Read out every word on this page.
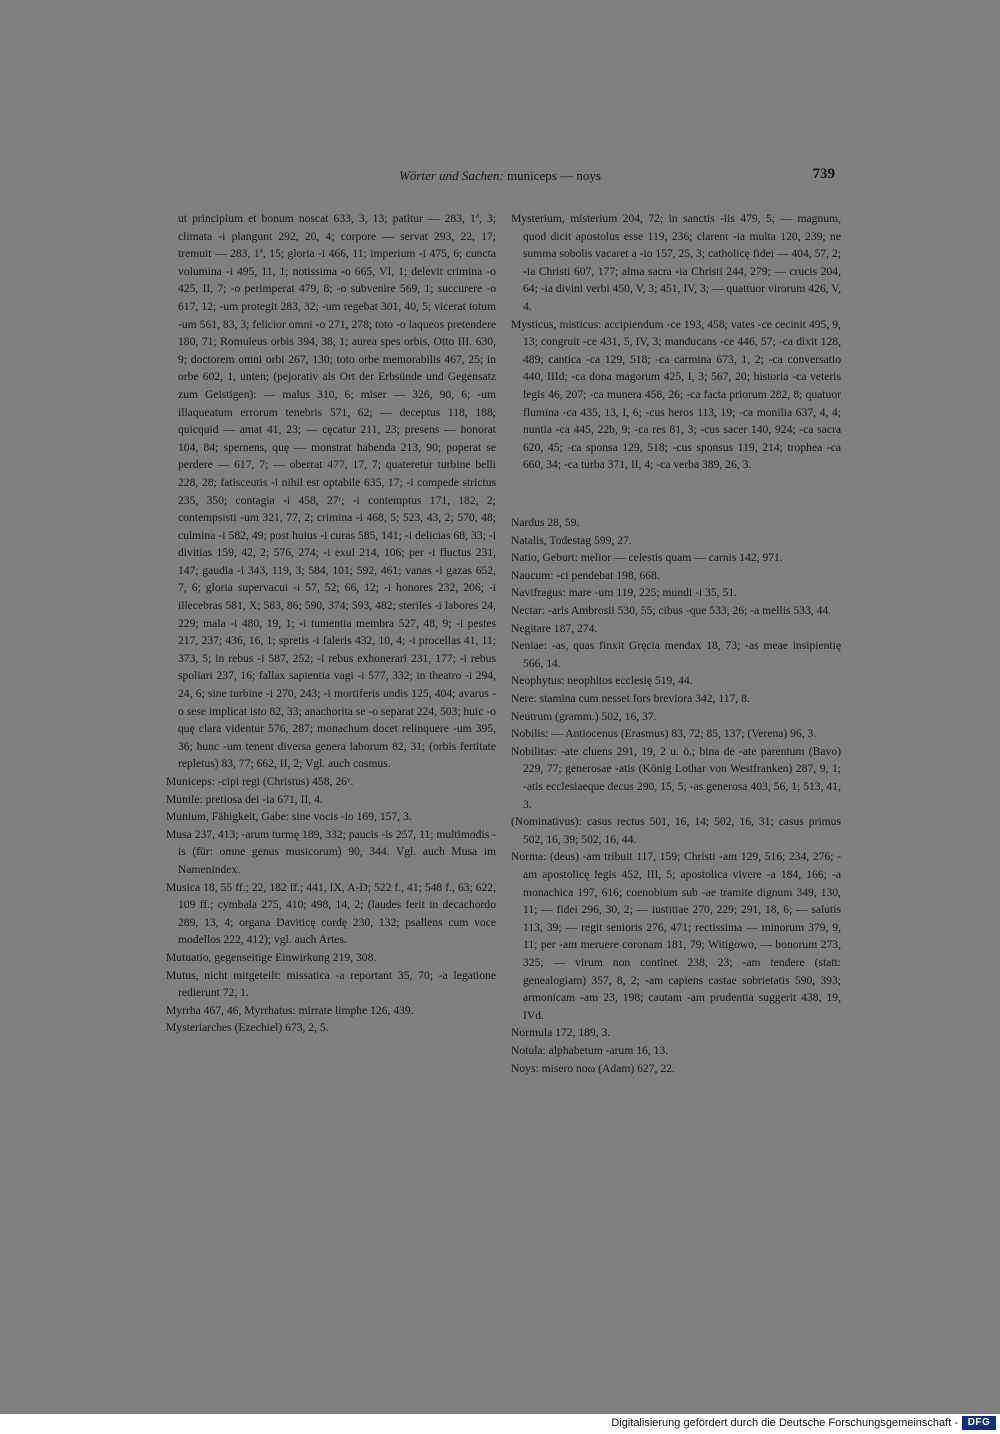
Wörter und Sachen: municeps — noys	739

ut principium et bonum noscat 633, 3, 13; patitur — 283, 1ª, 3; climata -i plangunt 292, 20, 4; corpore — servat 293, 22, 17; tremuit — 283, 1ª, 15; gloria -i 466, 11; imperium -i 475, 6; cuncta volumina -i 495, 11, 1; notissima -o 665, VI, 1; delevit crimina -o 425, II, 7; -o perimperat 479, 8; -o subvenire 569, 1; succurere -o 617, 12; -um protegit 283, 32; -um regebat 301, 40, 5; vicerat totum -um 561, 83, 3; felicior omni -o 271, 278; toto -o laqueos pretendere 180, 71; Romuleus orbis 394, 38, 1; aurea spes orbis, Otto III. 630, 9; doctorem omni orbi 267, 130; toto orbe memorabilis 467, 25; in orbe 602, 1, unten; (pejorativ als Ort der Erbsünde und Gegensatz zum Geistigen): — malus 310, 6; miser — 326, 90, 6; -um illaqueatum errorum tenebris 571, 62; — deceptus 118, 188; quicquid — amat 41, 23; — cęcatur 211, 23; presens — honorat 104, 84; spernens, quę — monstrat habenda 213, 90; poperat se perdere — 617, 7; — oberrat 477, 17, 7; quateretur turbine belli 228, 28; fatisceutis -i nihil est optabile 635, 17; -i compede strictus 235, 350; contagia -i 458, 27ʳ; -i contemptus 171, 182, 2; contempsisti -um 321, 77, 2; crimina -i 468, 5; 523, 43, 2; 570, 48; culmina -i 582, 49; post huius -i curas 585, 141; -i delicias 68, 33; -i divitias 159, 42, 2; 576, 274; -i exul 214, 106; per -i fluctus 231, 147; gaudia -i 343, 119, 3; 584, 101; 592, 461; vanas -i gazas 652, 7, 6; gloria supervacui -i 57, 52; 66, 12; -i honores 232, 206; -i illecebras 581, X; 583, 86; 590, 374; 593, 482; steriles -i labores 24, 229; mala -i 480, 19, 1; -i tumentia membra 527, 48, 9; -i pestes 217, 237; 436, 16, 1; spretis -i faleris 432, 10, 4; -i procellas 41, 11; 373, 5; in rebus -i 587, 252; -i rebus exhonerari 231, 177; -i rebus spoliari 237, 16; fallax sapientia vagi -i 577, 332; in theatro -i 294, 24, 6; sine turbine -i 270, 243; -i mortiferis undis 125, 404; avarus -o sese implicat isto 82, 33; anachorita se -o separat 224, 503; huic -o quę clara videntur 576, 287; monachum docet relinquere -um 395, 36; hunc -um tenent diversa genera laborum 82, 31; (orbis fertitate repletus) 83, 77; 662, II, 2; Vgl. auch cosmus.

Municeps: -cipi regi (Christus) 458, 26ᵛ.

Munile: pretiosa dei -ia 671, II, 4.

Munium, Fähigkeit, Gabe: sine vocis -io 169, 157, 3.

Musa 237, 413; -arum turmę 189, 332; paucis -is 257, 11; multimodis -is (für: omne genus musicorum) 90, 344. Vgl. auch Musa im Namenindex.

Musica 18, 55 ff.; 22, 182 ff.; 441, IX, A-D; 522 f., 41; 548 f., 63; 622, 109 ff.; cymbala 275, 410; 498, 14, 2; (laudes ferit in decachordo 289, 13, 4; organa Daviticę cordę 230, 132; psallens cum voce modellos 222, 412); vgl. auch Artes.

Mutuatio, gegenseitige Einwirkung 219, 308.

Mutus, nicht mitgeteilt: missatica -a reportant 35, 70; -a legatione redierunt 72, 1.

Myrrha 467, 46, Myrrhatus: mirrate limphe 126, 439.

Mysteriarches (Ezechiel) 673, 2, 5.

Mysterium, misterium 204, 72; in sanctis -iis 479, 5; — magnum, quod dicit apostolus esse 119, 236; clarent -ia multa 120, 239; ne summa sobolis vacaret a -io 157, 25, 3; catholicę fidei — 404, 57, 2; -ia Christi 607, 177; alma sacra -ia Christi 244, 279; — crucis 204, 64; -ia divini verbi 450, V, 3; 451, IV, 3; — quattuor virorum 426, V, 4.

Mysticus, misticus: accipiendum -ce 193, 458; vates -ce cecinit 495, 9, 13; congruit -ce 431, 5, IV, 3; manducans -ce 446, 57; -ca dixit 128, 489; cantica -ca 129, 518; -ca carmina 673, 1, 2; -ca conversatio 440, IIId; -ca dona magorum 425, I, 3; 567, 20; historia -ca veteris legis 46, 207; -ca munera 458, 26; -ca facta priorum 282, 8; quatuor flumina -ca 435, 13, I, 6; -cus heros 113, 19; -ca monilia 637, 4, 4; nuntia -ca 445, 22b, 9; -ca res 81, 3; -cus sacer 140, 924; -ca sacra 620, 45; -ca sponsa 129, 518; -cus sponsus 119, 214; trophea -ca 660, 34; -ca turba 371, II, 4; -ca verba 389, 26, 3.

Nardus 28, 59.

Natalis, Todestag 599, 27.

Natio, Geburt: melior — celestis quam — carnis 142, 971.

Naucum: -ci pendebat 198, 668.

Navifragus: mare -um 119, 225; mundi -i 35, 51.

Nectar: -aris Ambrosii 530, 55; cibus -que 533, 26; -a mellis 533, 44.

Negitare 187, 274.

Neniae: -as, quas finxit Gręcia mendax 18, 73; -as meae insipientię 566, 14.

Neophytus: neophitos ecclesię 519, 44.

Nere: stamina cum nesset fors breviora 342, 117, 8.

Neutrum (gramm.) 502, 16, 37.

Nobilis: — Antiocenus (Erasmus) 83, 72; 85, 137; (Verena) 96, 3.

Nobilitas: -ate cluens 291, 19, 2 u. ö.; bina de -ate parentum (Bavo) 229, 77; generosae -atis (König Lothar von Westfranken) 287, 9, 1; -atis ecclesiaeque decus 290, 15, 5; -as generosa 403, 56, 1; 513, 41, 3.

(Nominativus): casus rectus 501, 16, 14; 502, 16, 31; casus primus 502, 16, 39; 502, 16, 44.

Norma: (deus) -am tribuit 117, 159; Christi -am 129, 516; 234, 276; -am apostolicę legis 452, III, 5; apostolica vivere -a 184, 166; -a monachica 197, 616; coenobium sub -ae tramite dignum 349, 130, 11; — fidei 296, 30, 2; — iustitiae 270, 229; 291, 18, 6; — salutis 113, 39; — regit senioris 276, 471; rectissima — minorum 379, 9, 11; per -am meruere coronam 181, 79; Witigowo, — bonorum 273, 325; — virum non continet 238, 23; -am tendere (statt: genealogiam) 357, 8, 2; -am capiens castae sobrietatis 590, 393; armonicam -am 23, 198; cautam -am prudentia suggerit 438, 19, IVd.

Normula 172, 189, 3.

Notula: alphabetum -arum 16, 13.

Noys: misero noω (Adam) 627, 22.

Digitalisierung gefördert durch die Deutsche Forschungsgemeinschaft - DFG
